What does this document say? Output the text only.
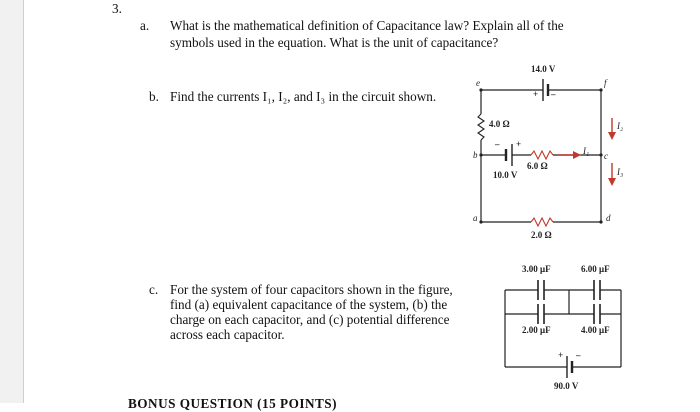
3.
a. What is the mathematical definition of Capacitance law? Explain all of the
symbols used in the equation. What is the unit of capacitance?
b. Find the currents I₁, I₂, and I₃ in the circuit shown.
c. For the system of four capacitors shown in the figure,
find (a) equivalent capacitance of the system, (b) the
charge on each capacitor, and (c) potential difference
across each capacitor.
BONUS QUESTION (15 POINTS)
14.0 V
+ –
e	f
4.0 Ω
– +
b
6.0 Ω
10.0 V
I₁
I₂
c
I₃
a	d
2.0 Ω
3.00 μF	6.00 μF
2.00 μF	4.00 μF
+ –
90.0 V
